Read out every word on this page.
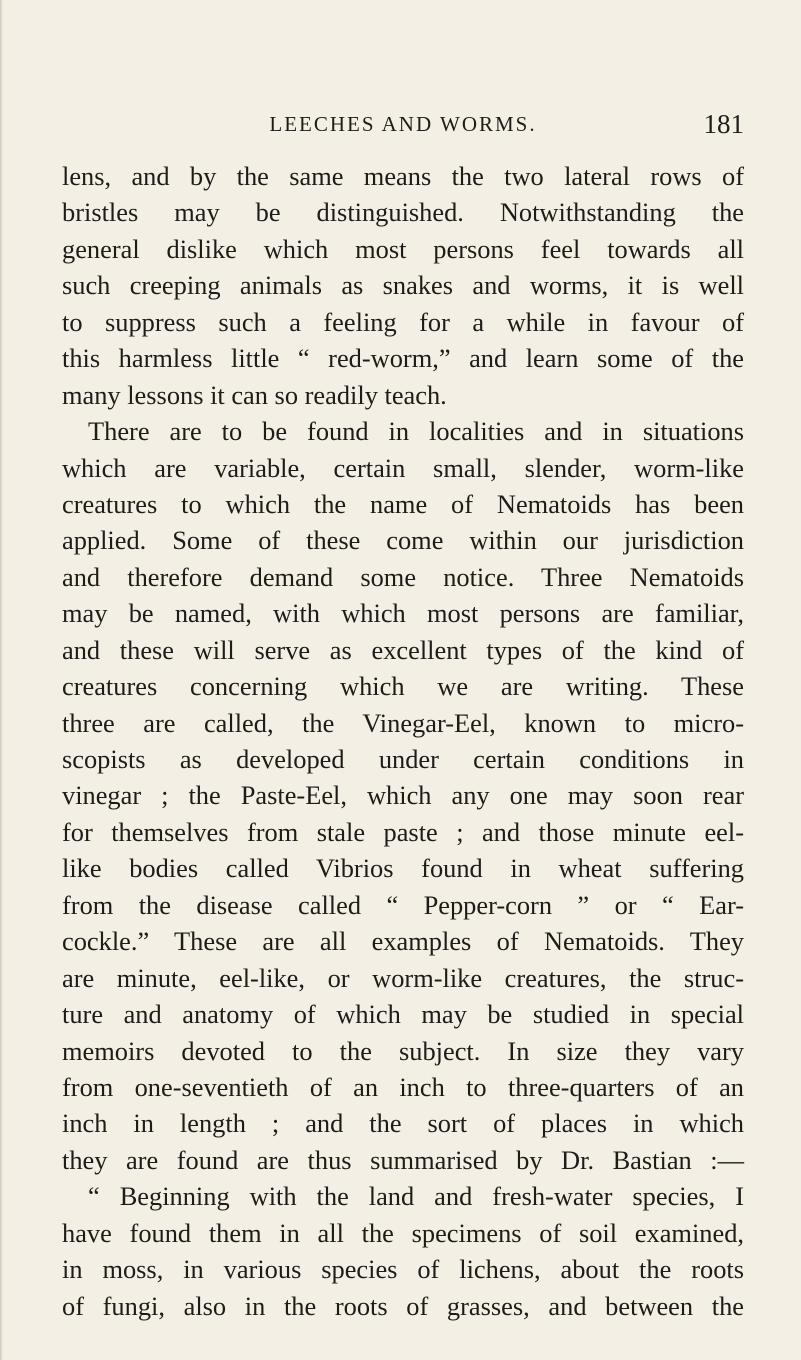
LEECHES AND WORMS.	181
lens, and by the same means the two lateral rows of
bristles may be distinguished. Notwithstanding the
general dislike which most persons feel towards all
such creeping animals as snakes and worms, it is well
to suppress such a feeling for a while in favour of
this harmless little “ red-worm,” and learn some of the
many lessons it can so readily teach.
There are to be found in localities and in situations
which are variable, certain small, slender, worm-like
creatures to which the name of Nematoids has been
applied. Some of these come within our jurisdiction
and therefore demand some notice. Three Nematoids
may be named, with which most persons are familiar,
and these will serve as excellent types of the kind of
creatures concerning which we are writing. These
three are called, the Vinegar-Eel, known to micro-
scopists as developed under certain conditions in
vinegar ; the Paste-Eel, which any one may soon rear
for themselves from stale paste ; and those minute eel-
like bodies called Vibrios found in wheat suffering
from the disease called “ Pepper-corn ” or “ Ear-
cockle.” These are all examples of Nematoids. They
are minute, eel-like, or worm-like creatures, the struc-
ture and anatomy of which may be studied in special
memoirs devoted to the subject. In size they vary
from one-seventieth of an inch to three-quarters of an
inch in length ; and the sort of places in which
they are found are thus summarised by Dr. Bastian :—
“ Beginning with the land and fresh-water species, I
have found them in all the specimens of soil examined,
in moss, in various species of lichens, about the roots
of fungi, also in the roots of grasses, and between the
